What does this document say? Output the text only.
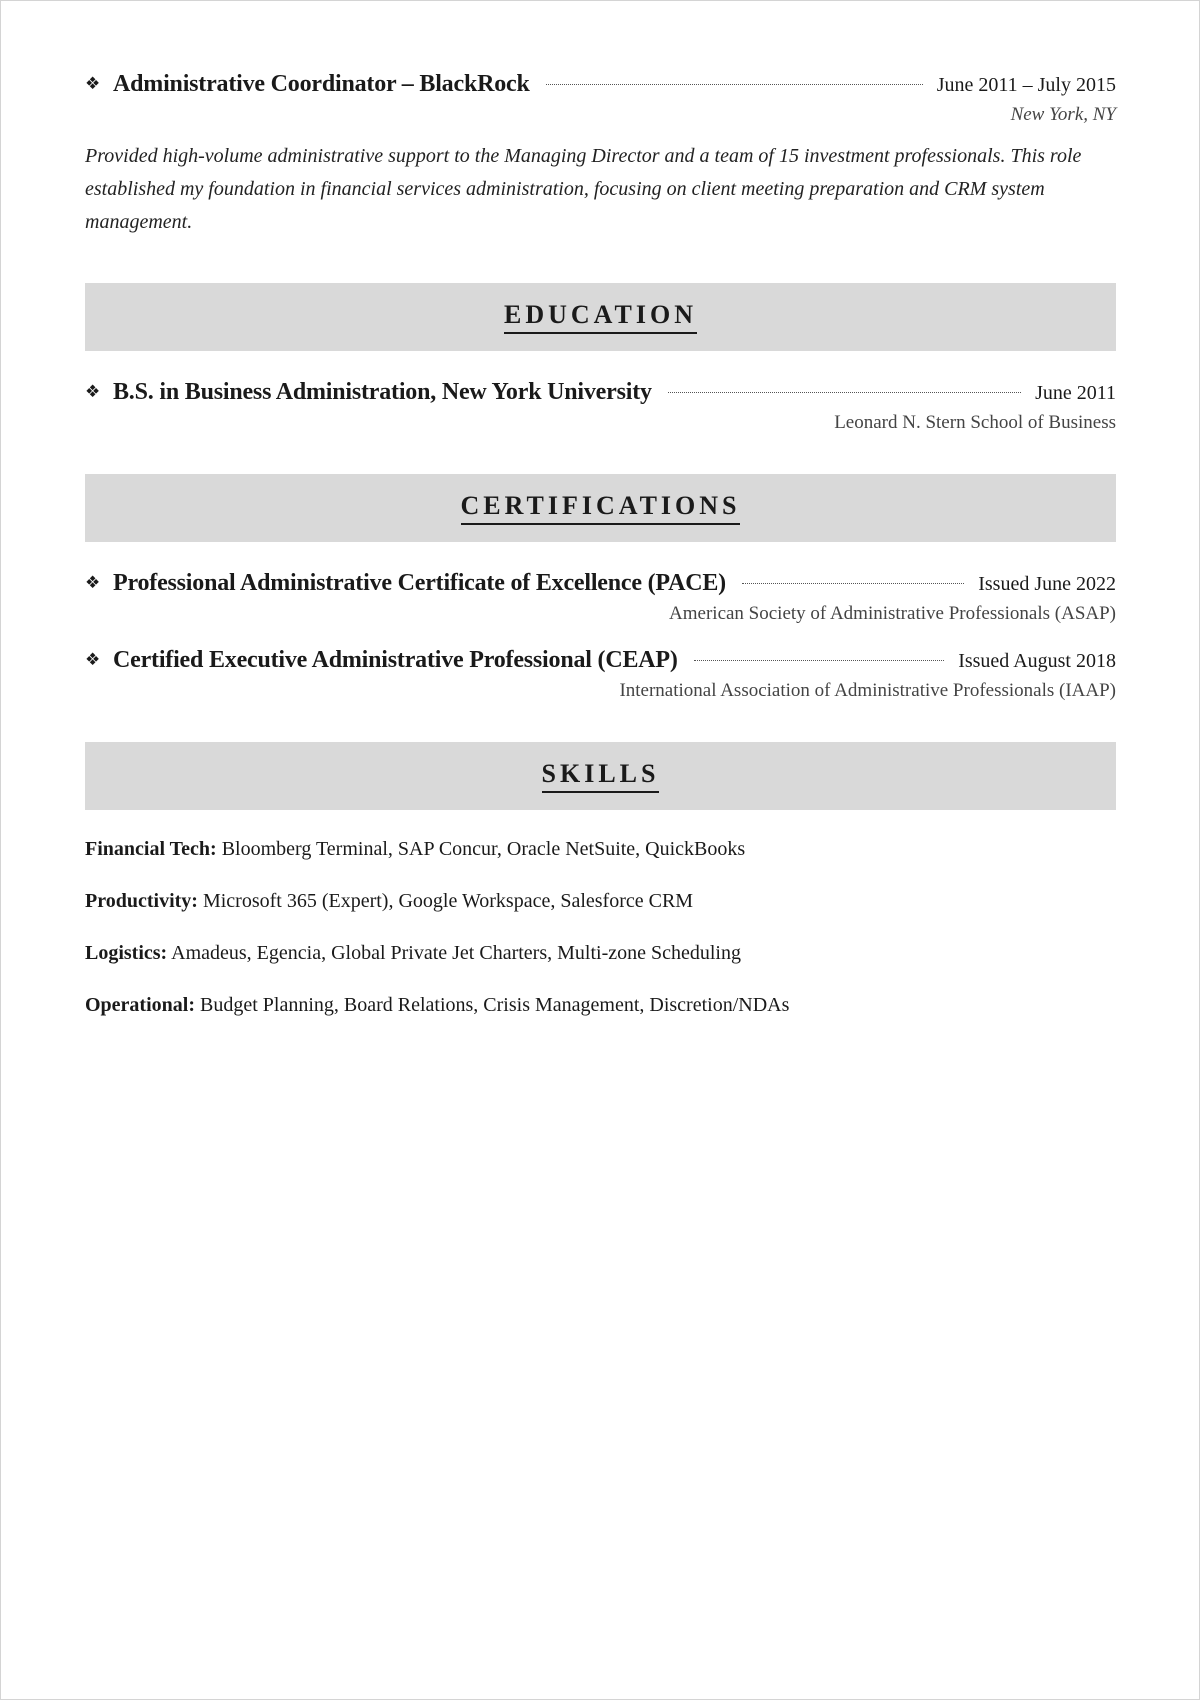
❖ Administrative Coordinator – BlackRock	June 2011 – July 2015
New York, NY
Provided high-volume administrative support to the Managing Director and a team of 15 investment professionals. This role established my foundation in financial services administration, focusing on client meeting preparation and CRM system management.
EDUCATION
❖ B.S. in Business Administration, New York University	June 2011
Leonard N. Stern School of Business
CERTIFICATIONS
❖ Professional Administrative Certificate of Excellence (PACE)	Issued June 2022
American Society of Administrative Professionals (ASAP)
❖ Certified Executive Administrative Professional (CEAP)	Issued August 2018
International Association of Administrative Professionals (IAAP)
SKILLS
Financial Tech: Bloomberg Terminal, SAP Concur, Oracle NetSuite, QuickBooks
Productivity: Microsoft 365 (Expert), Google Workspace, Salesforce CRM
Logistics: Amadeus, Egencia, Global Private Jet Charters, Multi-zone Scheduling
Operational: Budget Planning, Board Relations, Crisis Management, Discretion/NDAs
